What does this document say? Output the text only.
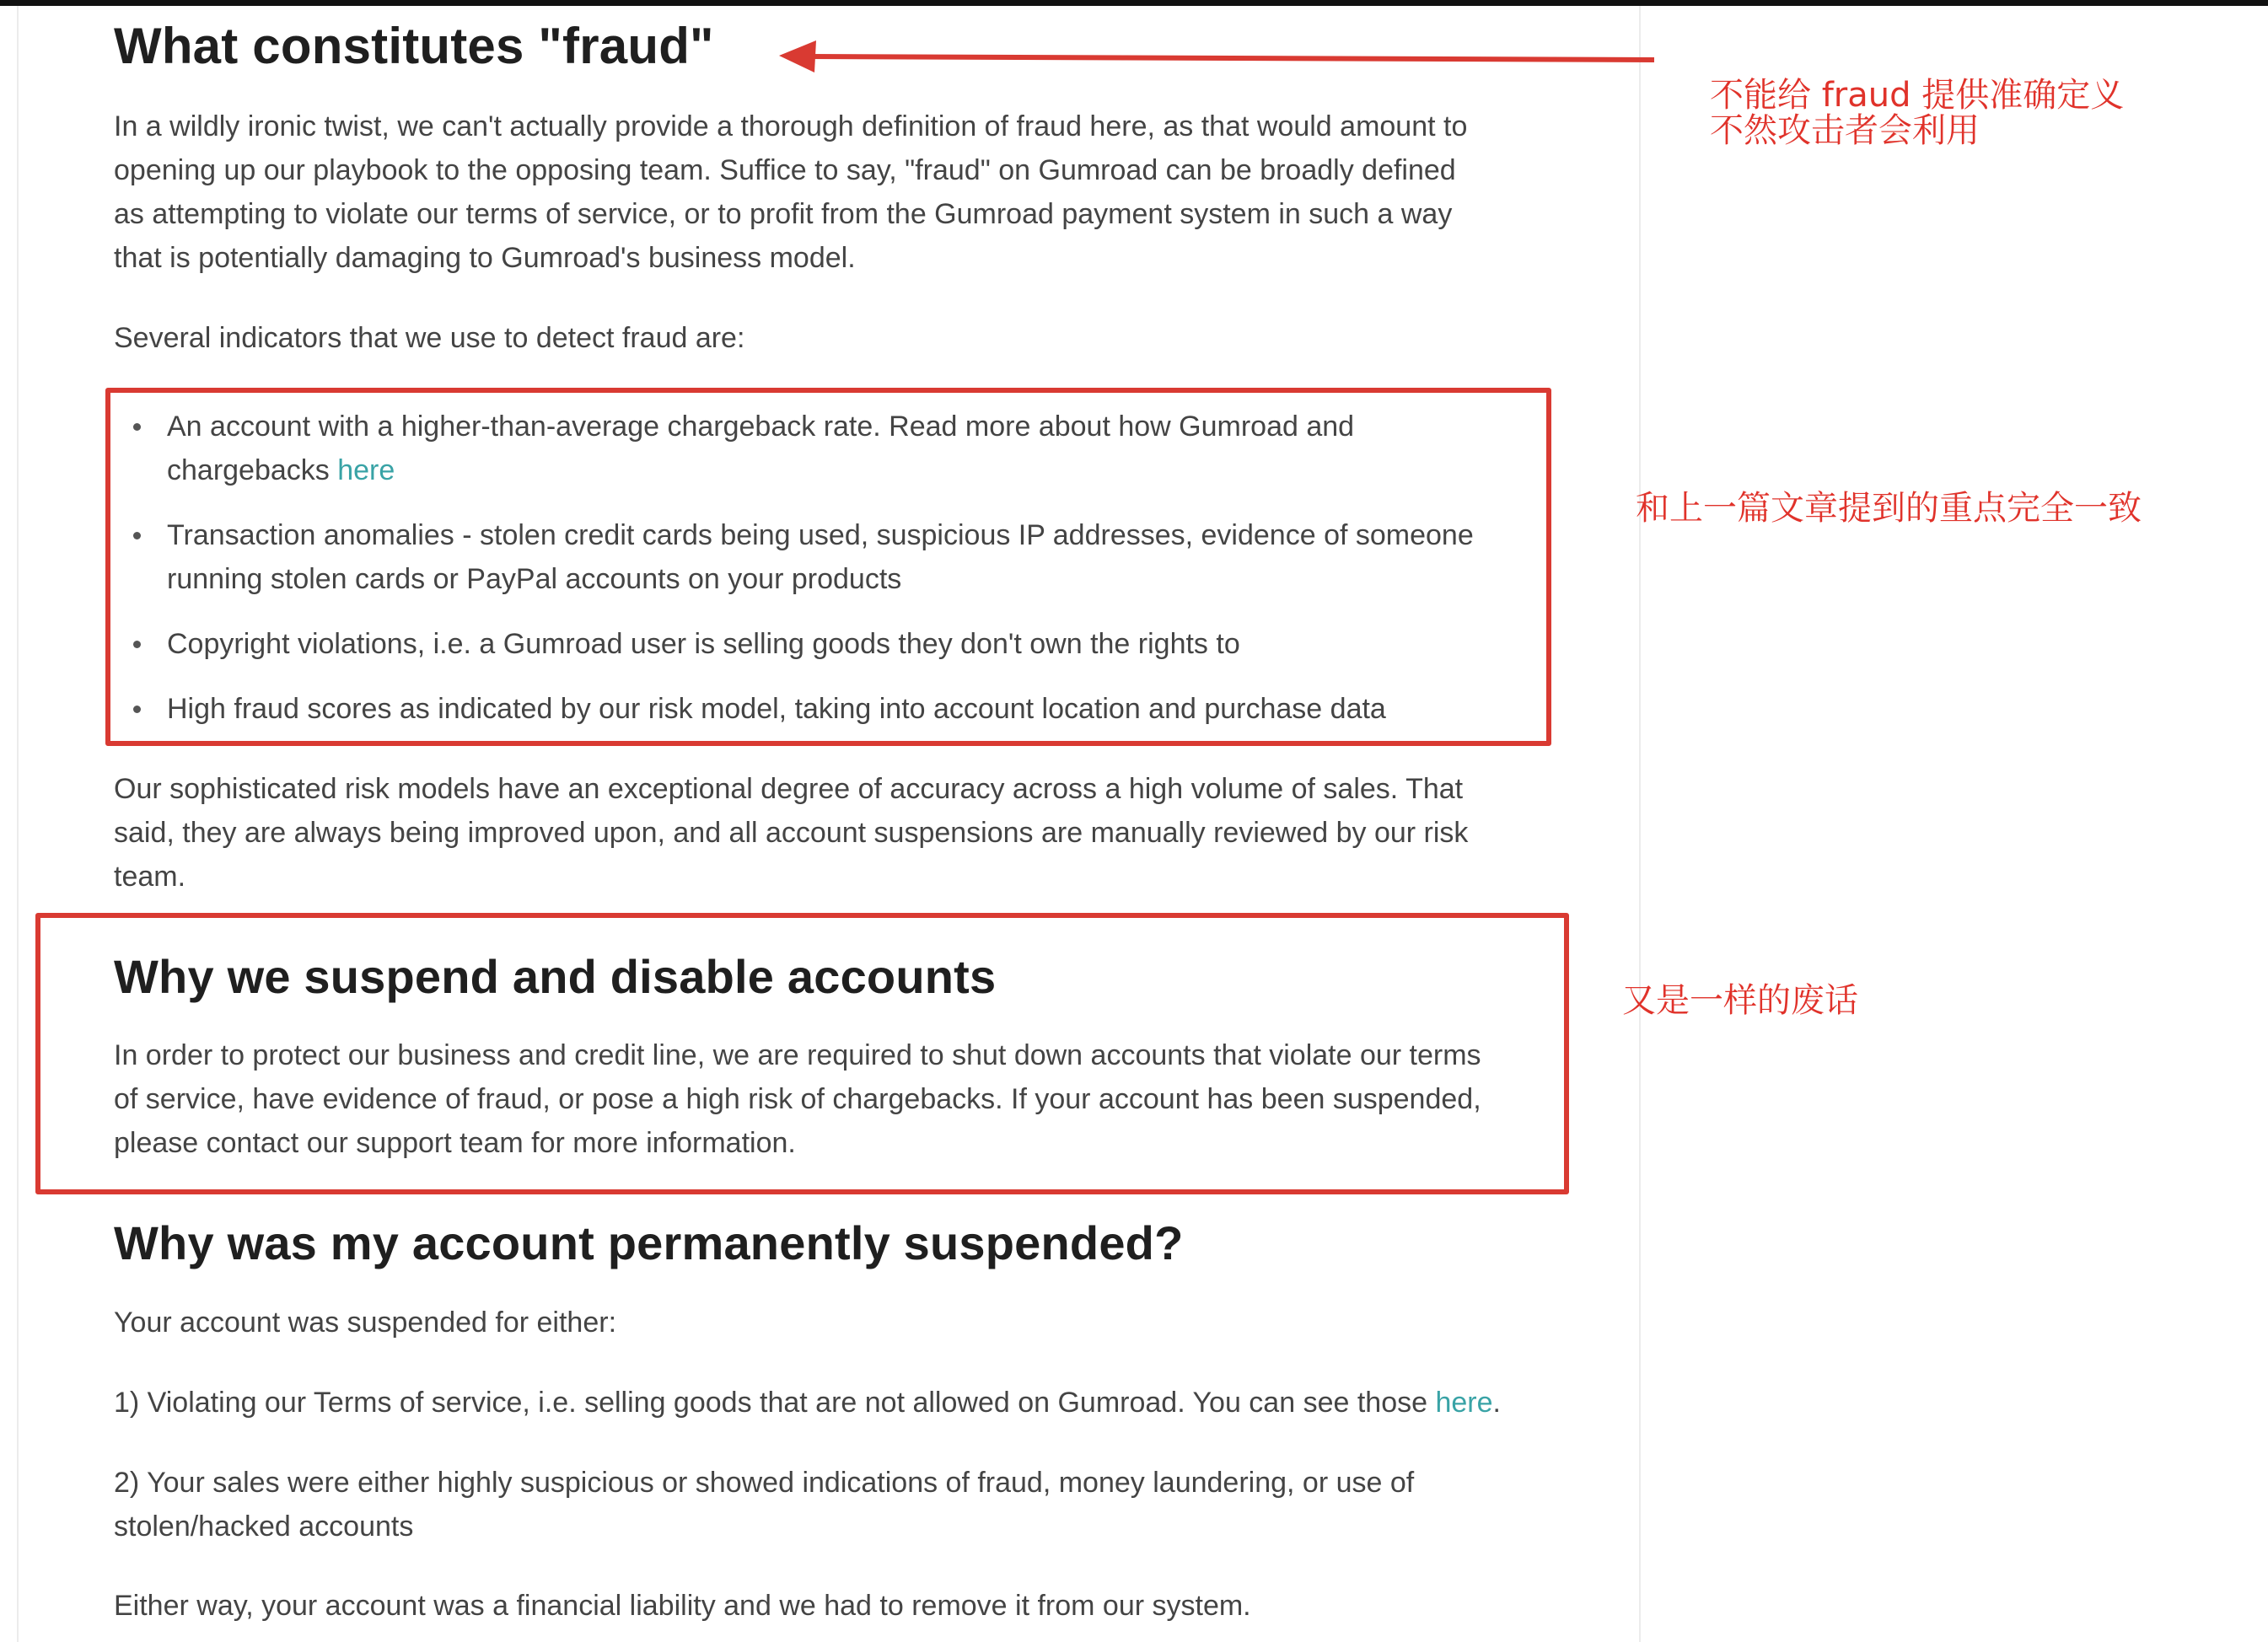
What constitutes "fraud"
In a wildly ironic twist, we can't actually provide a thorough definition of fraud here, as that would amount to
opening up our playbook to the opposing team. Suffice to say, "fraud" on Gumroad can be broadly defined
as attempting to violate our terms of service, or to profit from the Gumroad payment system in such a way
that is potentially damaging to Gumroad's business model.

Several indicators that we use to detect fraud are:

An account with a higher-than-average chargeback rate. Read more about how Gumroad and
chargebacks here
Transaction anomalies - stolen credit cards being used, suspicious IP addresses, evidence of someone
running stolen cards or PayPal accounts on your products
Copyright violations, i.e. a Gumroad user is selling goods they don't own the rights to
High fraud scores as indicated by our risk model, taking into account location and purchase data
Our sophisticated risk models have an exceptional degree of accuracy across a high volume of sales. That
said, they are always being improved upon, and all account suspensions are manually reviewed by our risk
team.
Why we suspend and disable accounts
In order to protect our business and credit line, we are required to shut down accounts that violate our terms
of service, have evidence of fraud, or pose a high risk of chargebacks. If your account has been suspended,
please contact our support team for more information.
Why was my account permanently suspended?

Your account was suspended for either:

1) Violating our Terms of service, i.e. selling goods that are not allowed on Gumroad. You can see those here.

2) Your sales were either highly suspicious or showed indications of fraud, money laundering, or use of
stolen/hacked accounts

Either way, your account was a financial liability and we had to remove it from our system.

不能给 fraud 提供准确定义
不然攻击者会利用
和上一篇文章提到的重点完全一致
又是一样的废话
